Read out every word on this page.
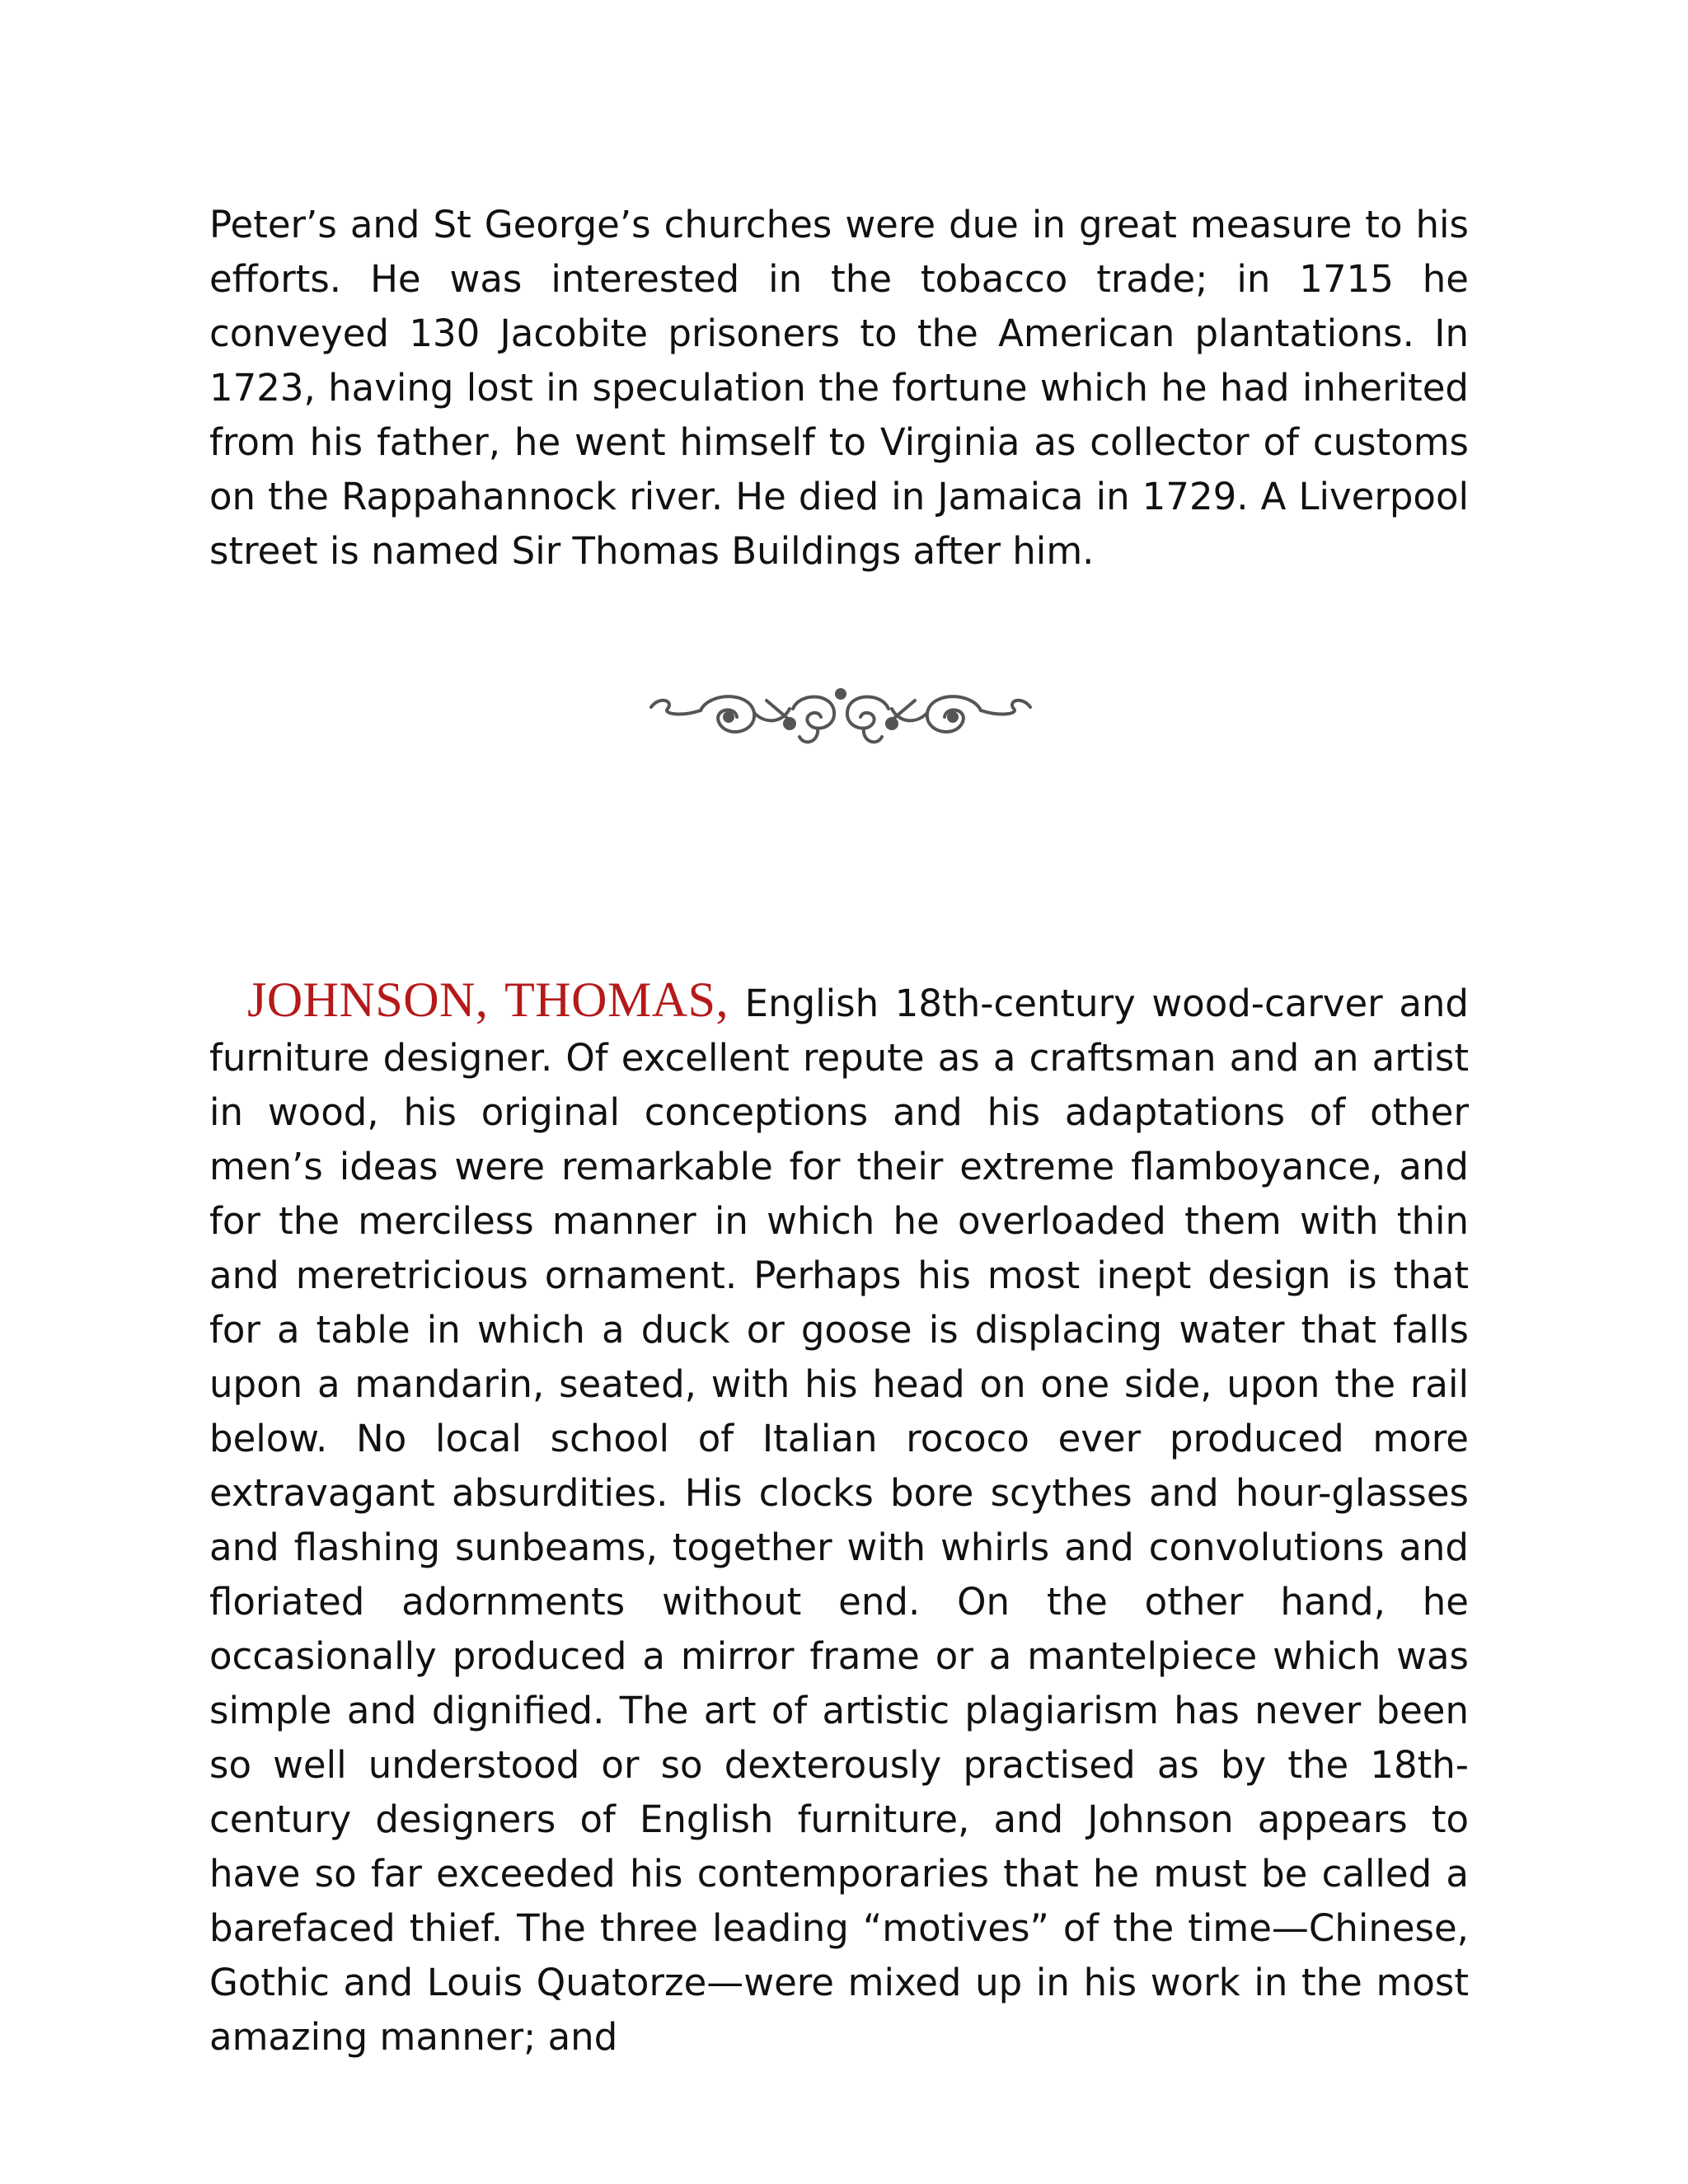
Peter’s and St George’s churches were due in great measure to his efforts. He was interested in the tobacco trade; in 1715 he conveyed 130 Jacobite prisoners to the American plantations. In 1723, having lost in speculation the fortune which he had inherited from his father, he went himself to Virginia as collector of customs on the Rappahannock river. He died in Jamaica in 1729. A Liverpool street is named Sir Thomas Buildings after him.

JOHNSON, THOMAS, English 18th-century wood-carver and furniture designer. Of excellent repute as a craftsman and an artist in wood, his original conceptions and his adaptations of other men’s ideas were remarkable for their extreme flamboyance, and for the merciless manner in which he overloaded them with thin and meretricious ornament. Perhaps his most inept design is that for a table in which a duck or goose is displacing water that falls upon a mandarin, seated, with his head on one side, upon the rail below. No local school of Italian rococo ever produced more extravagant absurdities. His clocks bore scythes and hour-glasses and flashing sunbeams, together with whirls and convolutions and floriated adornments without end. On the other hand, he occasionally produced a mirror frame or a mantelpiece which was simple and dignified. The art of artistic plagiarism has never been so well understood or so dexterously practised as by the 18th-century designers of English furniture, and Johnson appears to have so far exceeded his contemporaries that he must be called a barefaced thief. The three leading “motives” of the time—Chinese, Gothic and Louis Quatorze—were mixed up in his work in the most amazing manner; and
